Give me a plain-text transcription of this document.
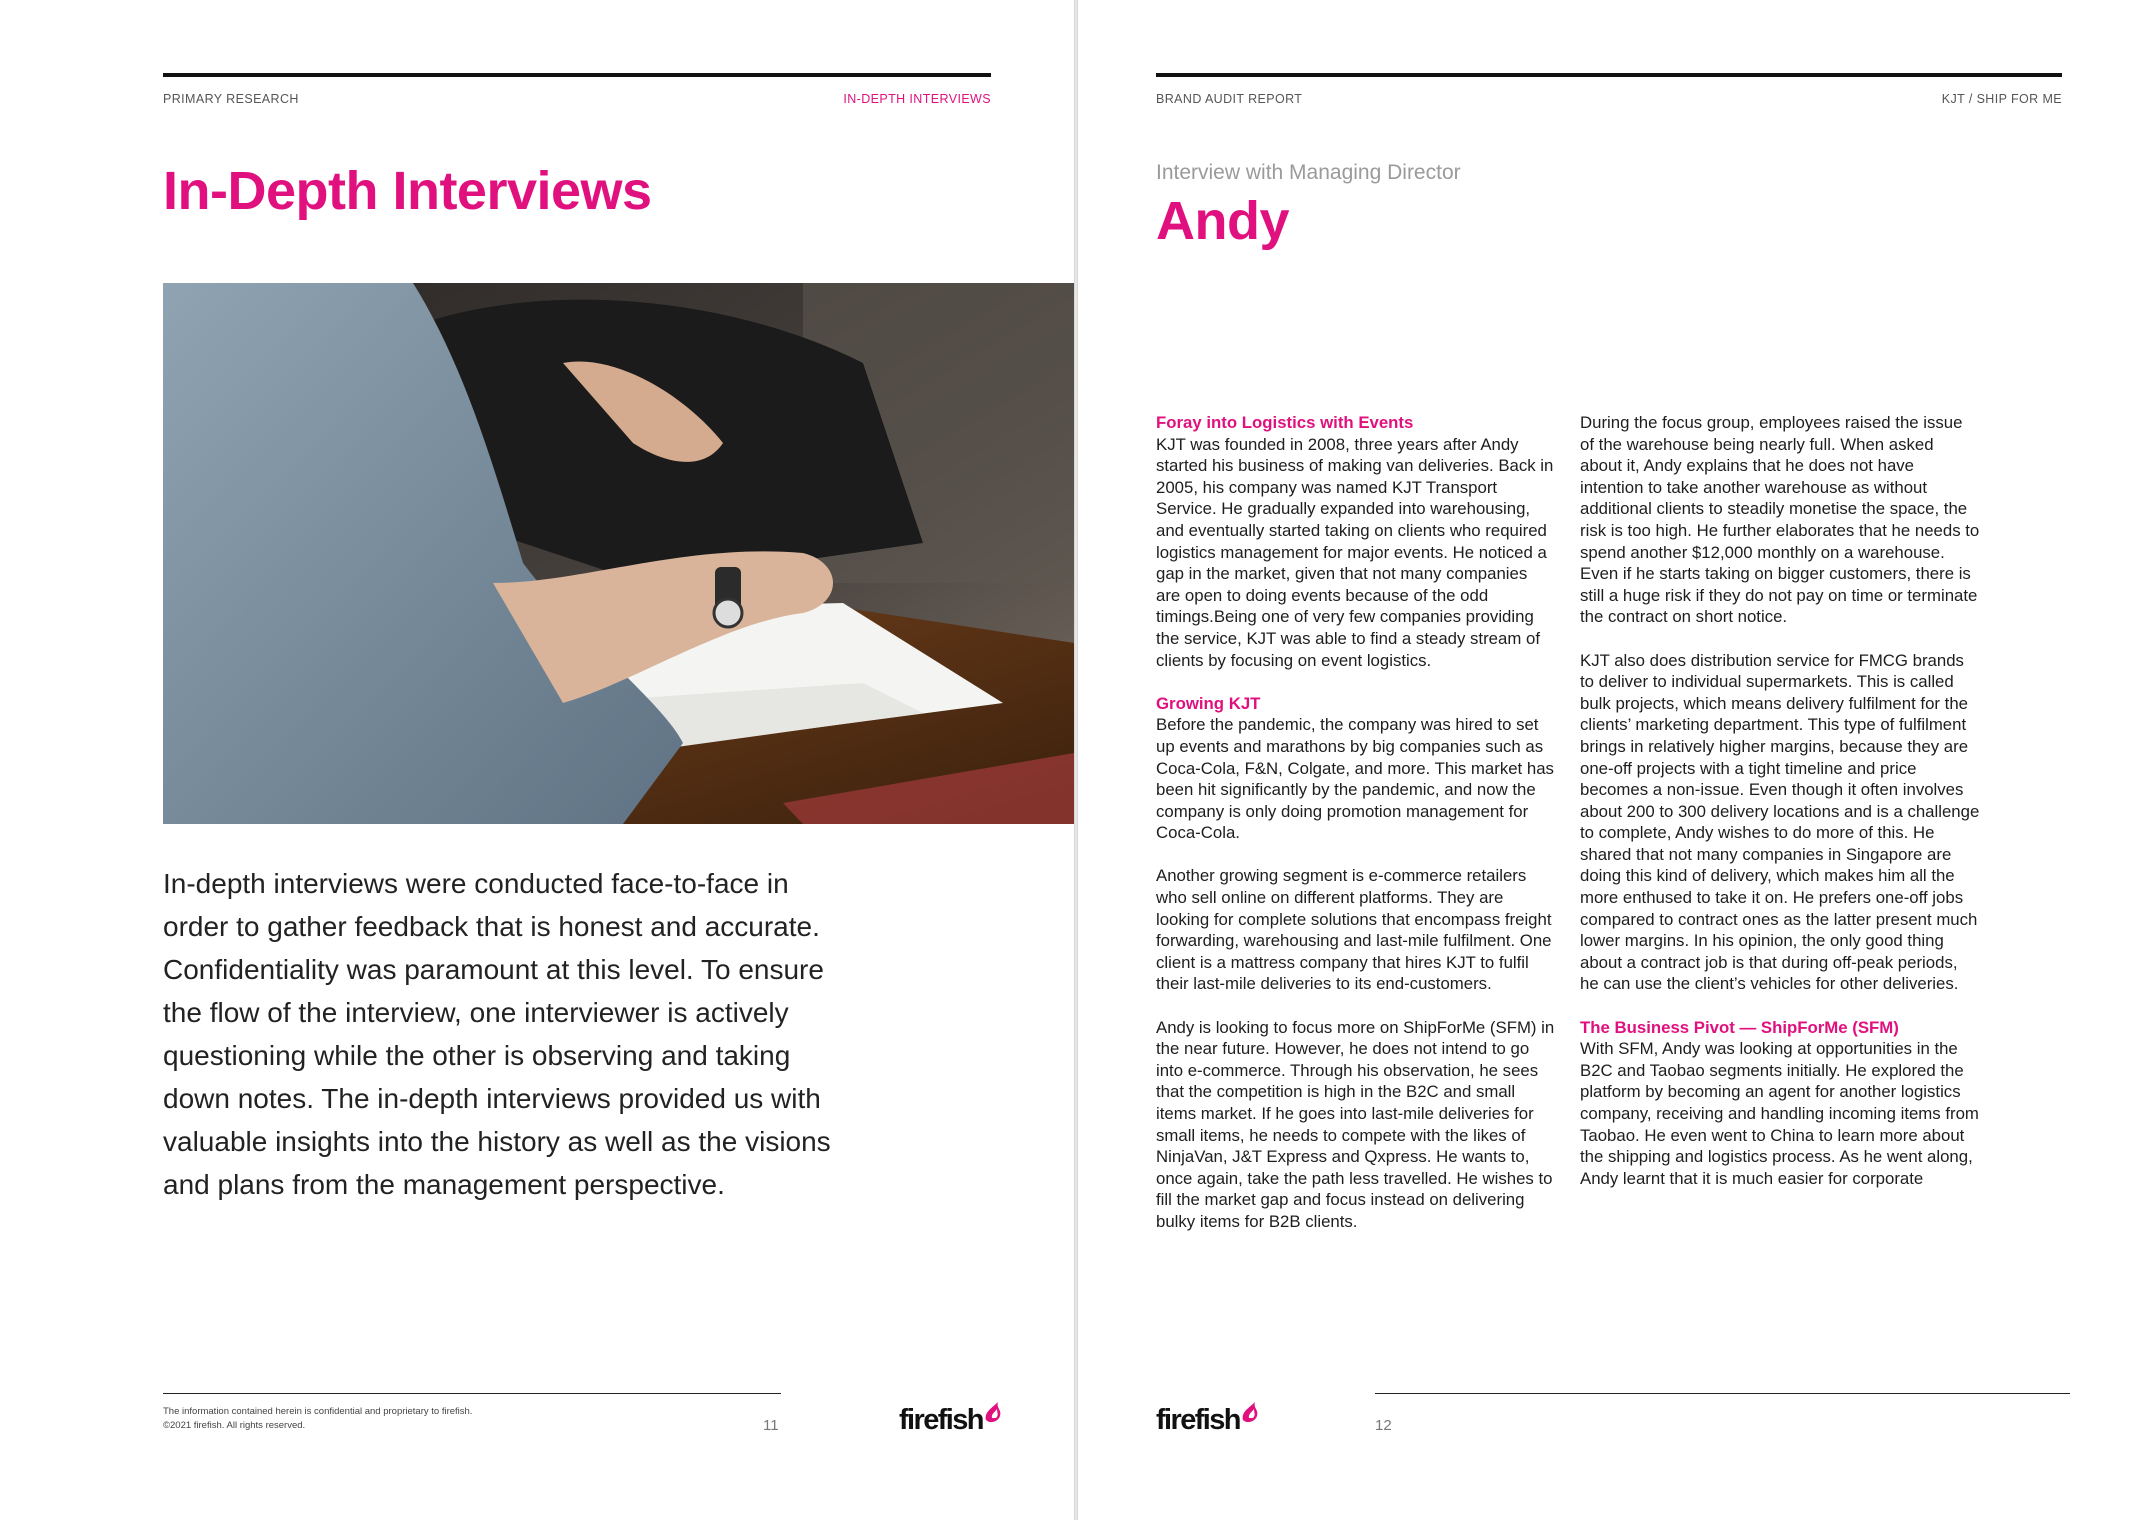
PRIMARY RESEARCH	IN-DEPTH INTERVIEWS
In-Depth Interviews
In-depth interviews were conducted face-to-face in order to gather feedback that is honest and accurate. Confidentiality was paramount at this level. To ensure the flow of the interview, one interviewer is actively questioning while the other is observing and taking down notes. The in-depth interviews provided us with valuable insights into the history as well as the visions and plans from the management perspective.
The information contained herein is confidential and proprietary to firefish.
©2021 firefish. All rights reserved.	11	firefish
BRAND AUDIT REPORT	KJT / SHIP FOR ME
Interview with Managing Director
Andy
Foray into Logistics with Events

KJT was founded in 2008, three years after Andy started his business of making van deliveries. Back in 2005, his company was named KJT Transport Service. He gradually expanded into warehousing, and eventually started taking on clients who required logistics management for major events. He noticed a gap in the market, given that not many companies are open to doing events because of the odd timings.Being one of very few companies providing the service, KJT was able to find a steady stream of clients by focusing on event logistics.

Growing KJT

Before the pandemic, the company was hired to set up events and marathons by big companies such as Coca-Cola, F&N, Colgate, and more. This market has been hit significantly by the pandemic, and now the company is only doing promotion management for Coca-Cola.

Another growing segment is e-commerce retailers who sell online on different platforms. They are looking for complete solutions that encompass freight forwarding, warehousing and last-mile fulfilment. One client is a mattress company that hires KJT to fulfil their last-mile deliveries to its end-customers.

Andy is looking to focus more on ShipForMe (SFM) in the near future. However, he does not intend to go into e-commerce. Through his observation, he sees that the competition is high in the B2C and small items market. If he goes into last-mile deliveries for small items, he needs to compete with the likes of NinjaVan, J&T Express and Qxpress. He wants to, once again, take the path less travelled. He wishes to fill the market gap and focus instead on delivering bulky items for B2B clients.

During the focus group, employees raised the issue of the warehouse being nearly full. When asked about it, Andy explains that he does not have intention to take another warehouse as without additional clients to steadily monetise the space, the risk is too high. He further elaborates that he needs to spend another $12,000 monthly on a warehouse. Even if he starts taking on bigger customers, there is still a huge risk if they do not pay on time or terminate the contract on short notice.

KJT also does distribution service for FMCG brands to deliver to individual supermarkets. This is called bulk projects, which means delivery fulfilment for the clients’ marketing department. This type of fulfilment brings in relatively higher margins, because they are one-off projects with a tight timeline and price becomes a non-issue. Even though it often involves about 200 to 300 delivery locations and is a challenge to complete, Andy wishes to do more of this. He shared that not many companies in Singapore are doing this kind of delivery, which makes him all the more enthused to take it on. He prefers one-off jobs compared to contract ones as the latter present much lower margins. In his opinion, the only good thing about a contract job is that during off-peak periods, he can use the client’s vehicles for other deliveries.

The Business Pivot — ShipForMe (SFM)

With SFM, Andy was looking at opportunities in the B2C and Taobao segments initially. He explored the platform by becoming an agent for another logistics company, receiving and handling incoming items from Taobao. He even went to China to learn more about the shipping and logistics process. As he went along, Andy learnt that it is much easier for corporate

firefish	12
